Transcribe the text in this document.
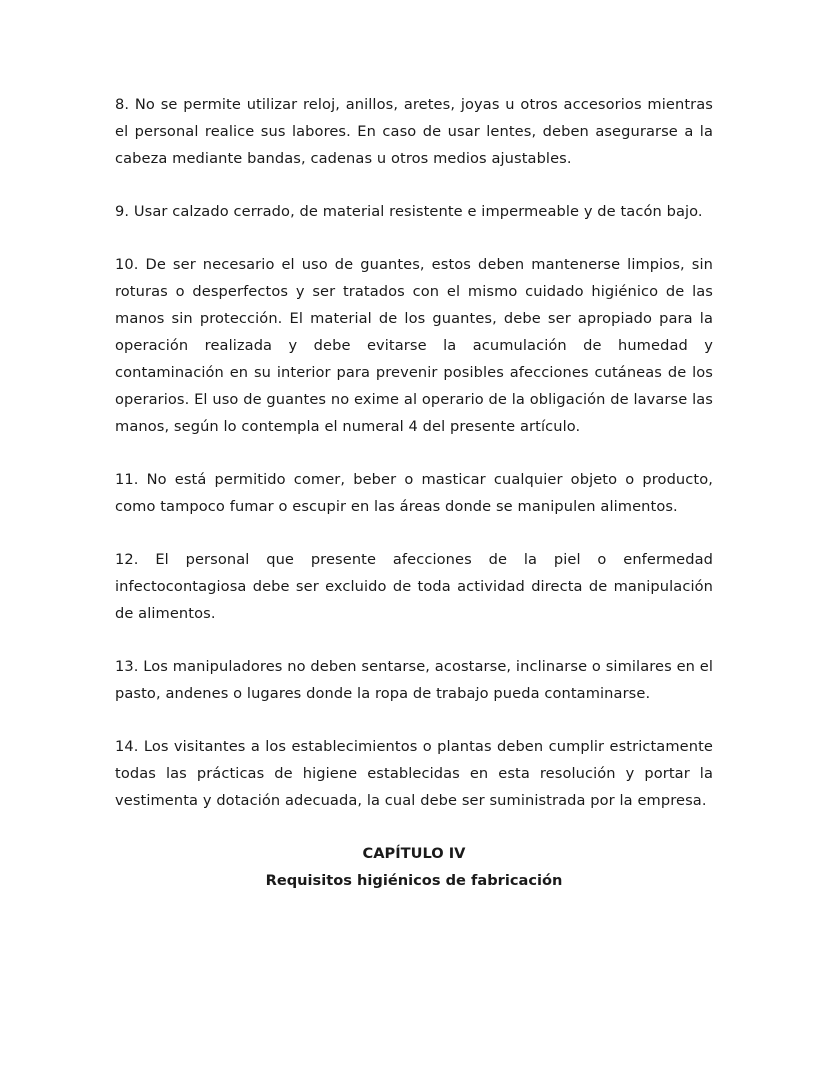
8. No se permite utilizar reloj, anillos, aretes, joyas u otros accesorios mientras el personal realice sus labores. En caso de usar lentes, deben asegurarse a la cabeza mediante bandas, cadenas u otros medios ajustables.

9. Usar calzado cerrado, de material resistente e impermeable y de tacón bajo.

10. De ser necesario el uso de guantes, estos deben mantenerse limpios, sin roturas o desperfectos y ser tratados con el mismo cuidado higiénico de las manos sin protección. El material de los guantes, debe ser apropiado para la operación realizada y debe evitarse la acumulación de humedad y contaminación en su interior para prevenir posibles afecciones cutáneas de los operarios. El uso de guantes no exime al operario de la obligación de lavarse las manos, según lo contempla el numeral 4 del presente artículo.

11. No está permitido comer, beber o masticar cualquier objeto o producto, como tampoco fumar o escupir en las áreas donde se manipulen alimentos.

12. El personal que presente afecciones de la piel o enfermedad infectocontagiosa debe ser excluido de toda actividad directa de manipulación de alimentos.

13. Los manipuladores no deben sentarse, acostarse, inclinarse o similares en el pasto, andenes o lugares donde la ropa de trabajo pueda contaminarse.

14. Los visitantes a los establecimientos o plantas deben cumplir estrictamente todas las prácticas de higiene establecidas en esta resolución y portar la vestimenta y dotación adecuada, la cual debe ser suministrada por la empresa.

CAPÍTULO IV

Requisitos higiénicos de fabricación
